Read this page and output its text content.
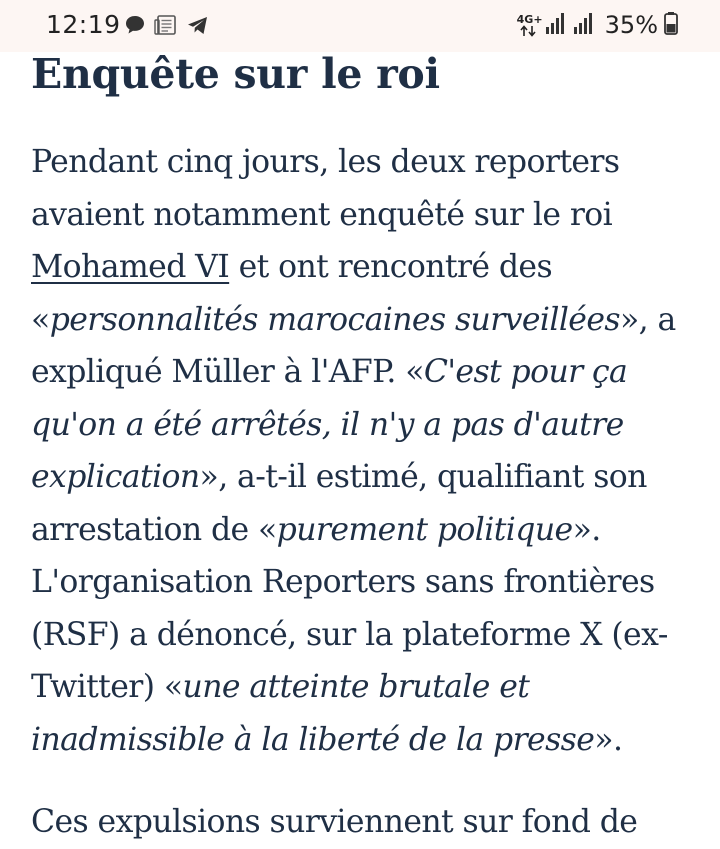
12:19	4G+	35%
Enquête sur le roi

Pendant cinq jours, les deux reporters avaient notamment enquêté sur le roi Mohamed VI et ont rencontré des «personnalités marocaines surveillées», a expliqué Müller à l'AFP. «C'est pour ça qu'on a été arrêtés, il n'y a pas d'autre explication», a-t-il estimé, qualifiant son arrestation de «purement politique». L'organisation Reporters sans frontières (RSF) a dénoncé, sur la plateforme X (ex-Twitter) «une atteinte brutale et inadmissible à la liberté de la presse».

Ces expulsions surviennent sur fond de
